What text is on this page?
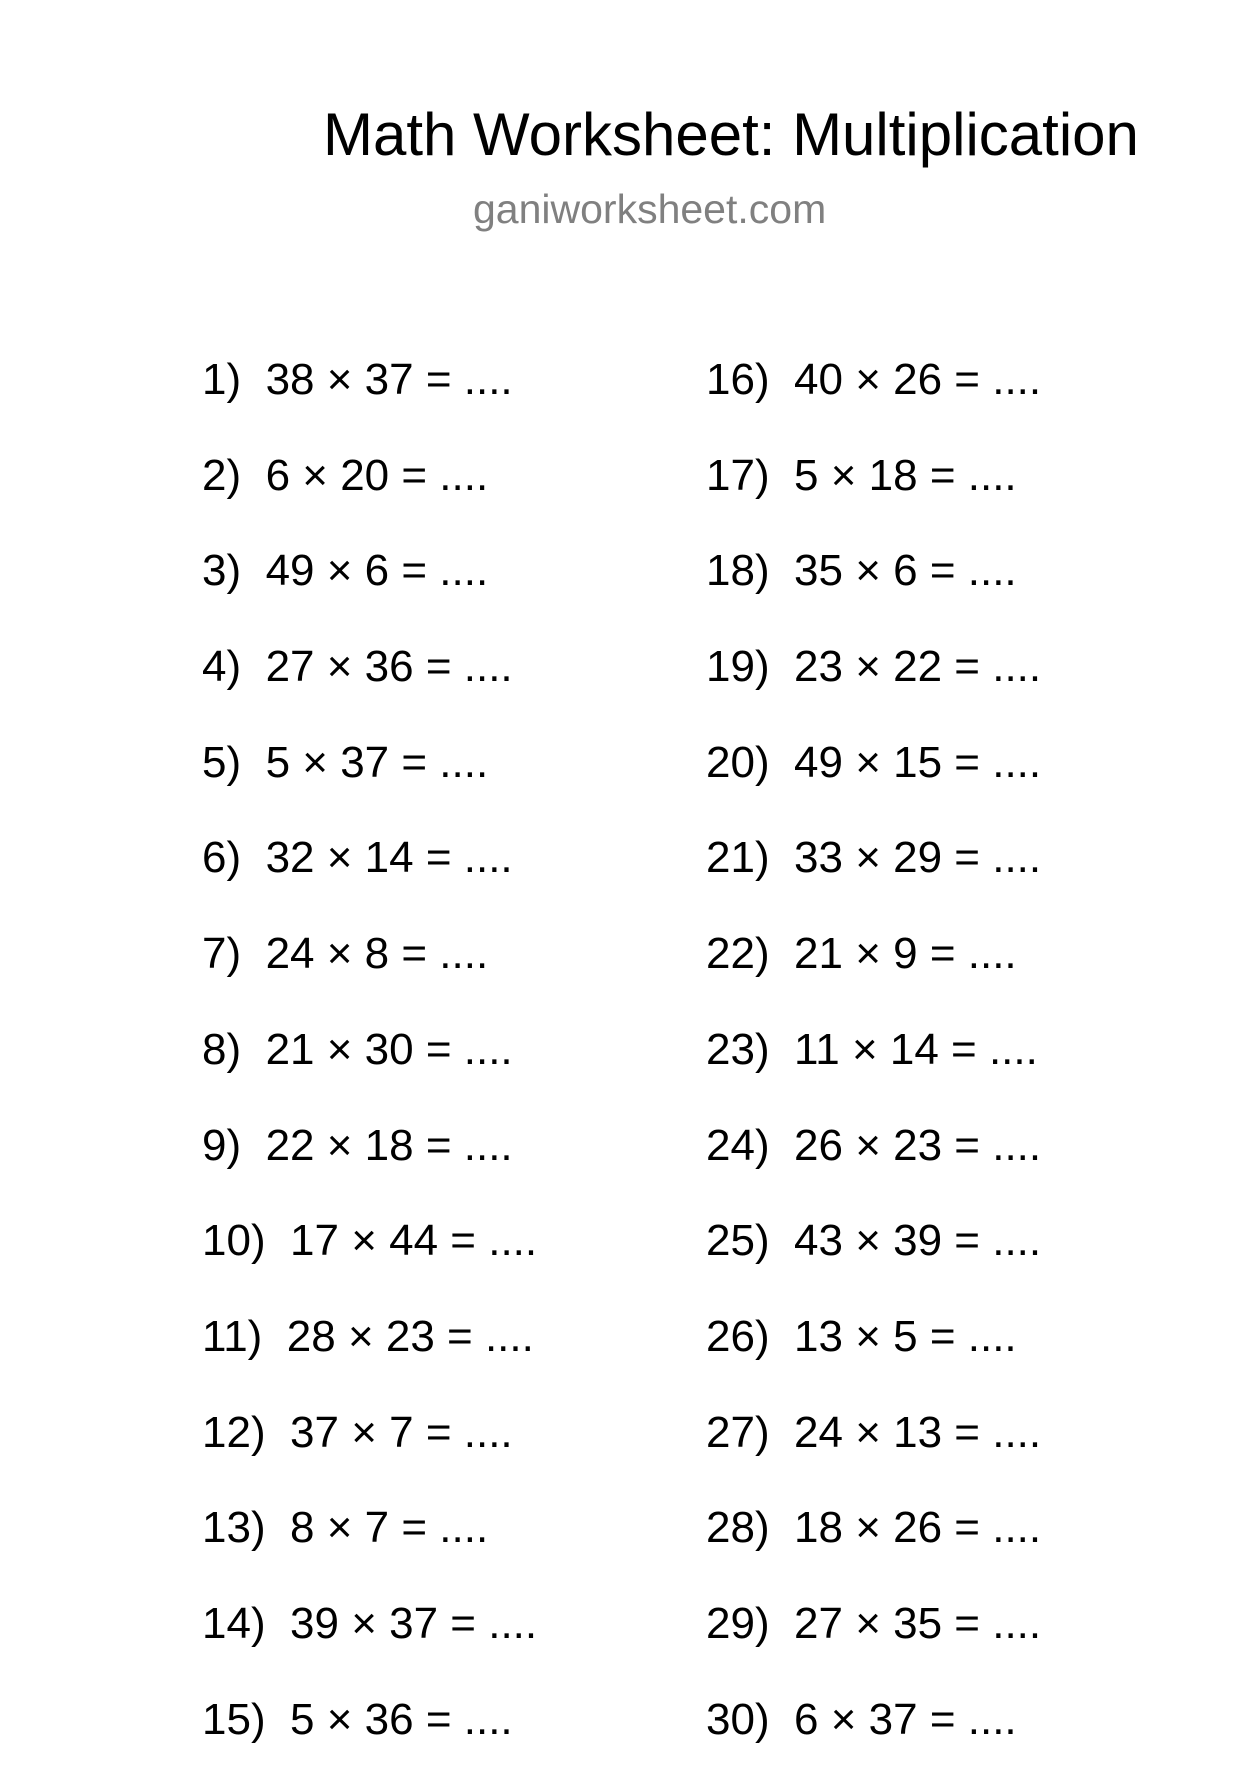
Math Worksheet: Multiplication
ganiworksheet.com
1) 38 × 37 = ....
2) 6 × 20 = ....
3) 49 × 6 = ....
4) 27 × 36 = ....
5) 5 × 37 = ....
6) 32 × 14 = ....
7) 24 × 8 = ....
8) 21 × 30 = ....
9) 22 × 18 = ....
10) 17 × 44 = ....
11) 28 × 23 = ....
12) 37 × 7 = ....
13) 8 × 7 = ....
14) 39 × 37 = ....
15) 5 × 36 = ....
16) 40 × 26 = ....
17) 5 × 18 = ....
18) 35 × 6 = ....
19) 23 × 22 = ....
20) 49 × 15 = ....
21) 33 × 29 = ....
22) 21 × 9 = ....
23) 11 × 14 = ....
24) 26 × 23 = ....
25) 43 × 39 = ....
26) 13 × 5 = ....
27) 24 × 13 = ....
28) 18 × 26 = ....
29) 27 × 35 = ....
30) 6 × 37 = ....
